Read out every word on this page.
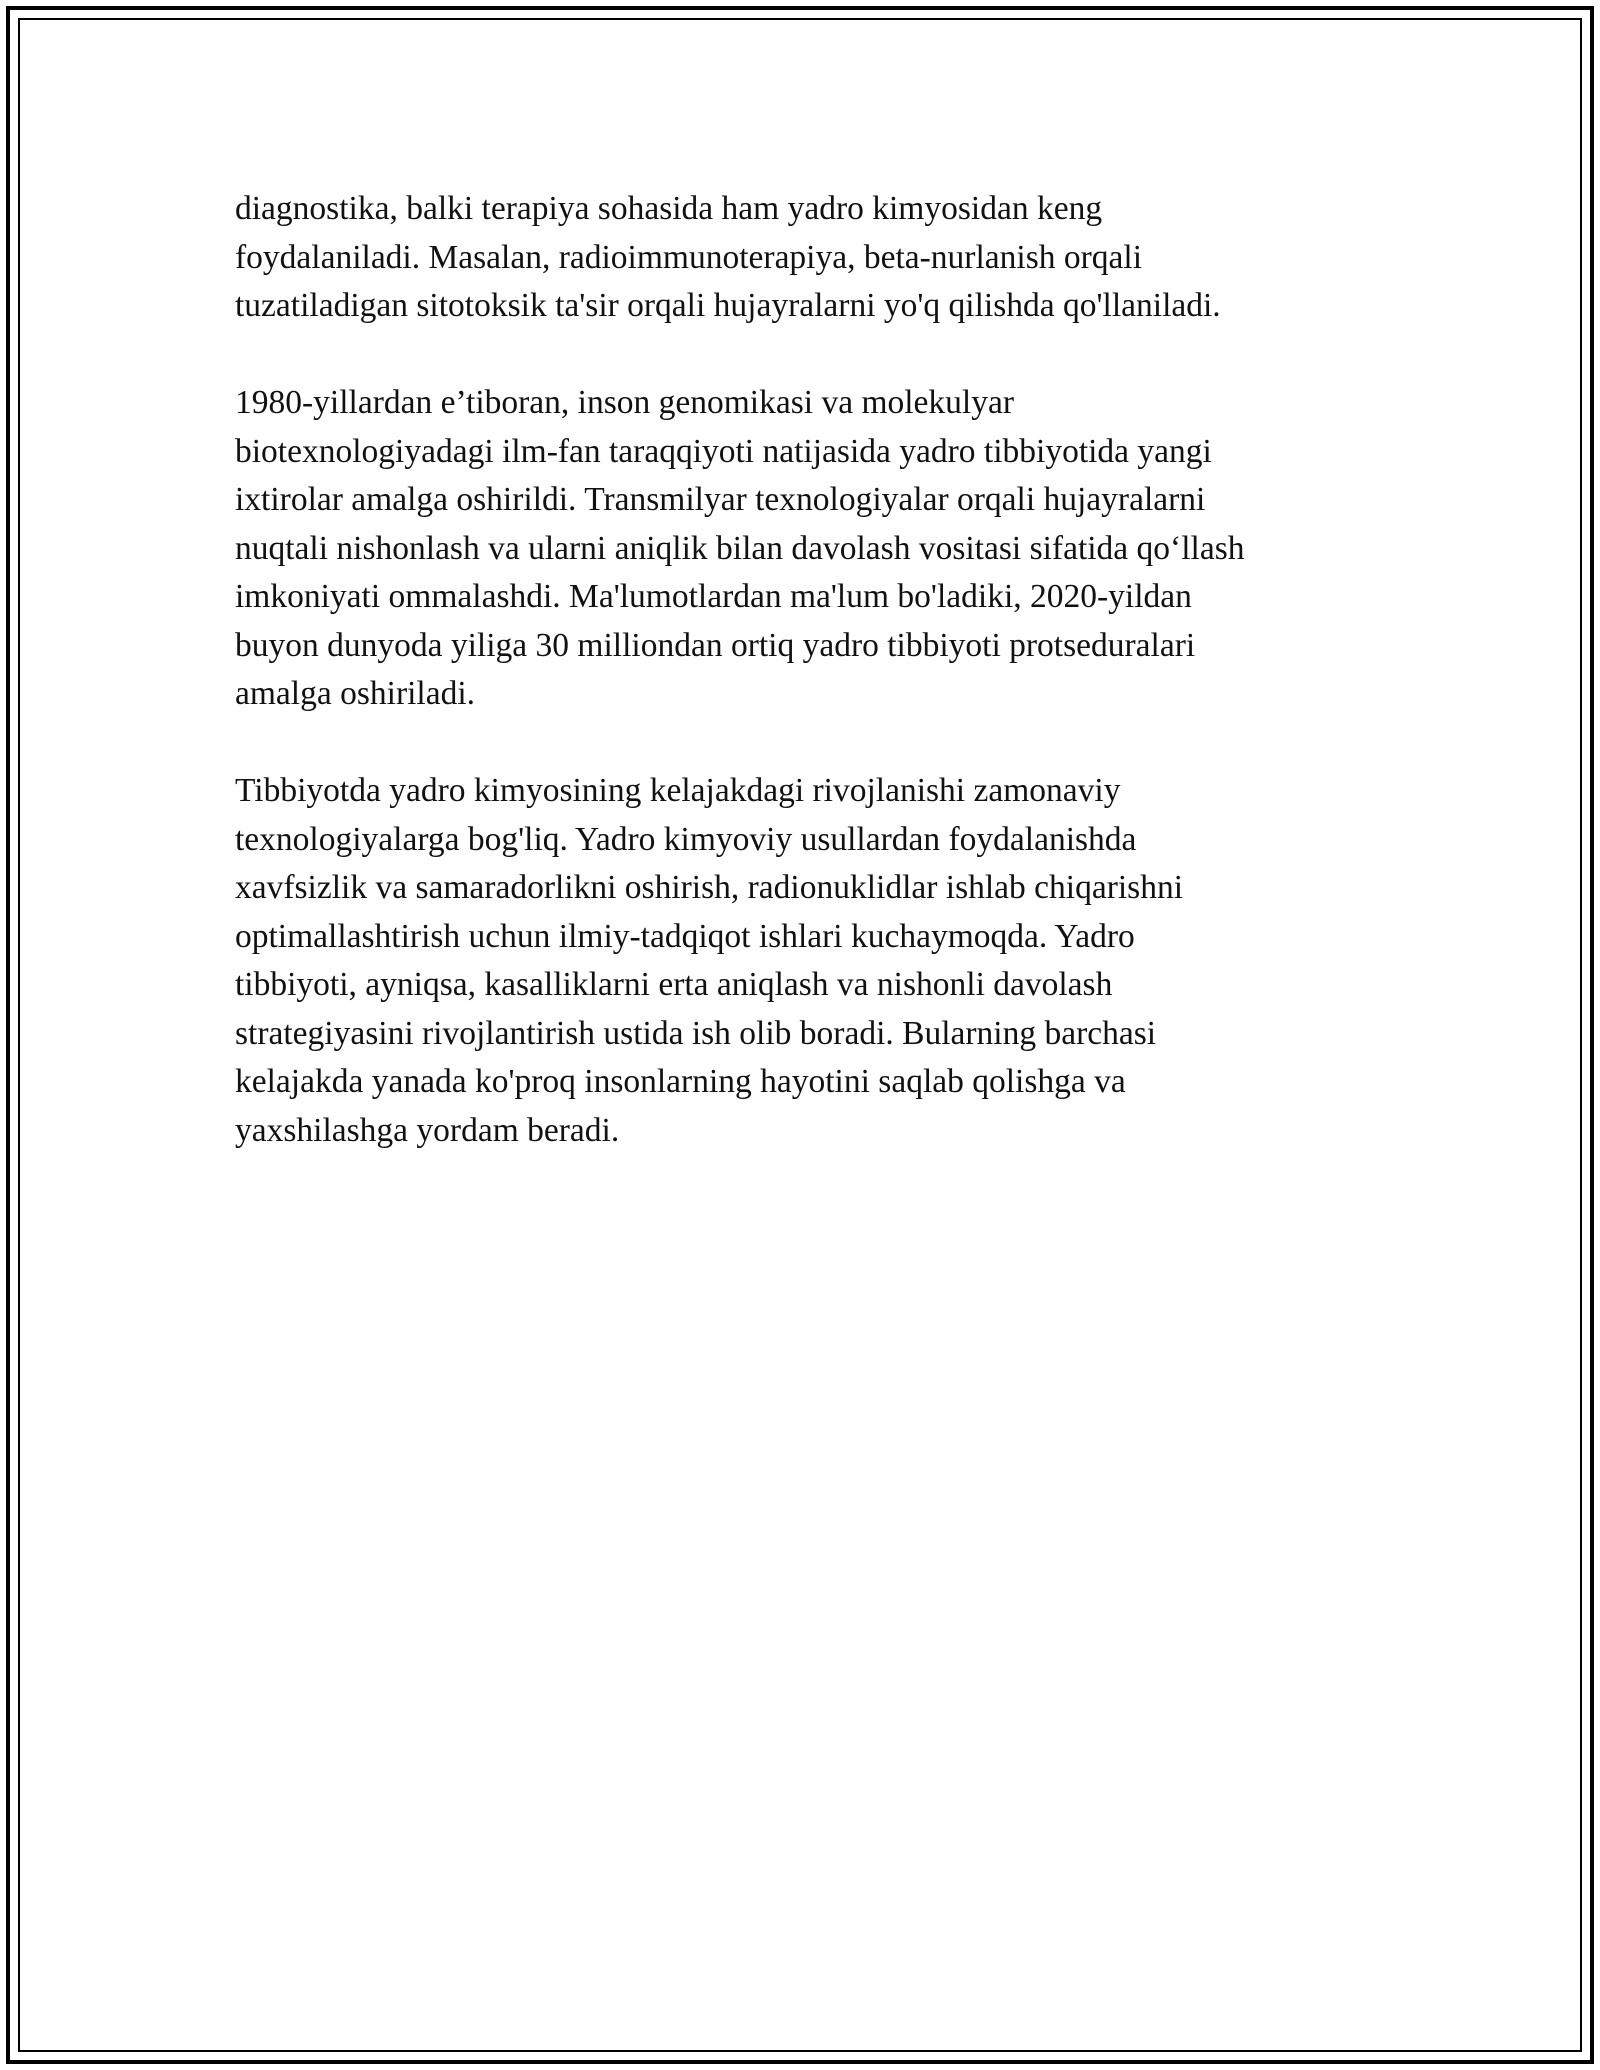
diagnostika, balki terapiya sohasida ham yadro kimyosidan keng
foydalaniladi. Masalan, radioimmunoterapiya, beta-nurlanish orqali
tuzatiladigan sitotoksik ta'sir orqali hujayralarni yo'q qilishda qo'llaniladi.

1980-yillardan e’tiboran, inson genomikasi va molekulyar
biotexnologiyadagi ilm-fan taraqqiyoti natijasida yadro tibbiyotida yangi
ixtirolar amalga oshirildi. Transmilyar texnologiyalar orqali hujayralarni
nuqtali nishonlash va ularni aniqlik bilan davolash vositasi sifatida qo‘llash
imkoniyati ommalashdi. Ma'lumotlardan ma'lum bo'ladiki, 2020-yildan
buyon dunyoda yiliga 30 milliondan ortiq yadro tibbiyoti protseduralari
amalga oshiriladi.

Tibbiyotda yadro kimyosining kelajakdagi rivojlanishi zamonaviy
texnologiyalarga bog'liq. Yadro kimyoviy usullardan foydalanishda
xavfsizlik va samaradorlikni oshirish, radionuklidlar ishlab chiqarishni
optimallashtirish uchun ilmiy-tadqiqot ishlari kuchaymoqda. Yadro
tibbiyoti, ayniqsa, kasalliklarni erta aniqlash va nishonli davolash
strategiyasini rivojlantirish ustida ish olib boradi. Bularning barchasi
kelajakda yanada ko'proq insonlarning hayotini saqlab qolishga va
yaxshilashga yordam beradi.
